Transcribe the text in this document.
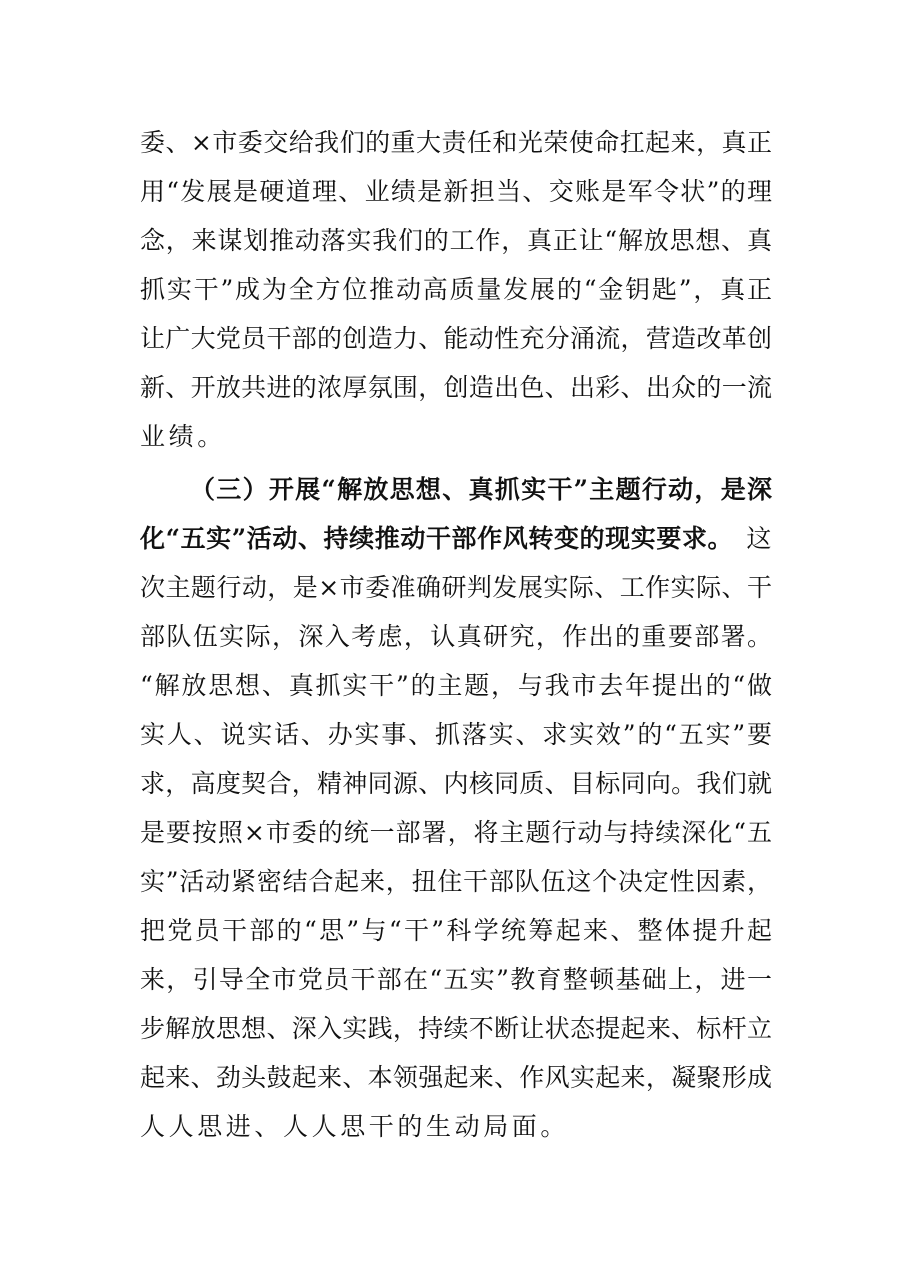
委、×市委交给我们的重大责任和光荣使命扛起来，真正
用“发展是硬道理、业绩是新担当、交账是军令状”的理
念，来谋划推动落实我们的工作，真正让“解放思想、真
抓实干”成为全方位推动高质量发展的“金钥匙”，真正
让广大党员干部的创造力、能动性充分涌流，营造改革创
新、开放共进的浓厚氛围，创造出色、出彩、出众的一流
业绩。
（三）开展“解放思想、真抓实干”主题行动，是深
化“五实”活动、持续推动干部作风转变的现实要求。 这
次主题行动，是×市委准确研判发展实际、工作实际、干
部队伍实际，深入考虑，认真研究，作出的重要部署。
“解放思想、真抓实干”的主题，与我市去年提出的“做
实人、说实话、办实事、抓落实、求实效”的“五实”要
求，高度契合，精神同源、内核同质、目标同向。我们就
是要按照×市委的统一部署，将主题行动与持续深化“五
实”活动紧密结合起来，扭住干部队伍这个决定性因素，
把党员干部的“思”与“干”科学统筹起来、整体提升起
来，引导全市党员干部在“五实”教育整顿基础上，进一
步解放思想、深入实践，持续不断让状态提起来、标杆立
起来、劲头鼓起来、本领强起来、作风实起来，凝聚形成
人人思进、人人思干的生动局面。
